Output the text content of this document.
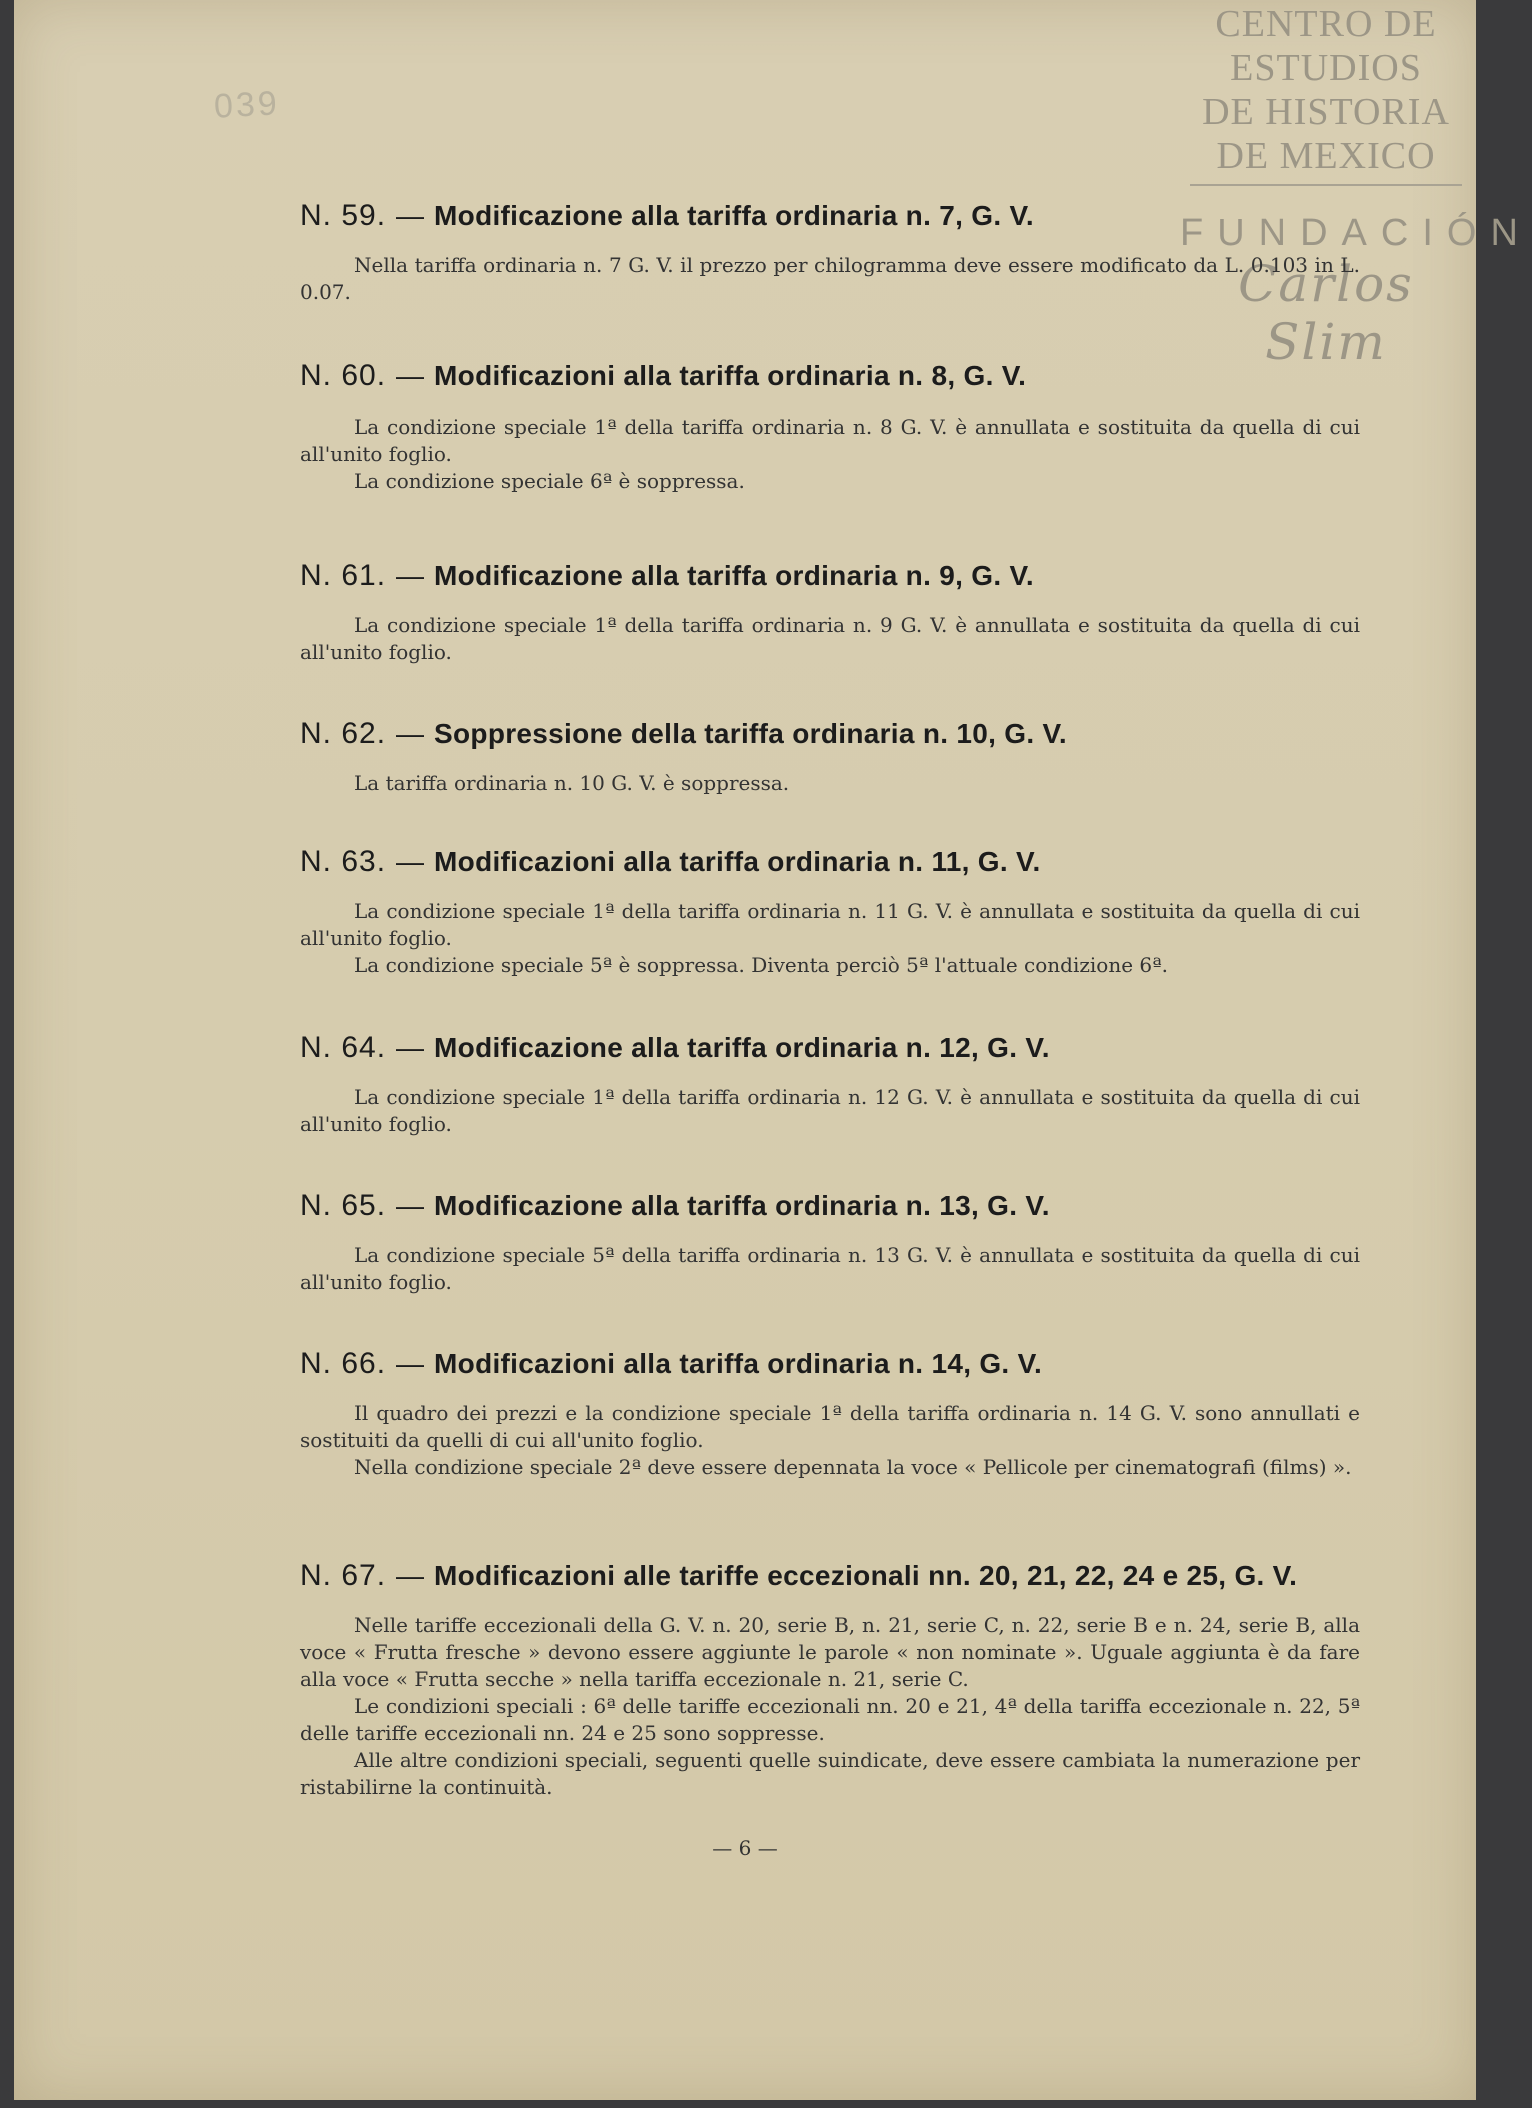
039
CENTRO DE
ESTUDIOS
DE HISTORIA
DE MEXICO
FUNDACIÓN
Carlos Slim
N. 59. — Modificazione alla tariffa ordinaria n. 7, G. V.

Nella tariffa ordinaria n. 7 G. V. il prezzo per chilogramma deve essere modificato da L. 0.103 in L. 0.07.

N. 60. — Modificazioni alla tariffa ordinaria n. 8, G. V.

La condizione speciale 1ª della tariffa ordinaria n. 8 G. V. è annullata e sostituita da quella di cui all'unito foglio.

La condizione speciale 6ª è soppressa.

N. 61. — Modificazione alla tariffa ordinaria n. 9, G. V.

La condizione speciale 1ª della tariffa ordinaria n. 9 G. V. è annullata e sostituita da quella di cui all'unito foglio.

N. 62. — Soppressione della tariffa ordinaria n. 10, G. V.

La tariffa ordinaria n. 10 G. V. è soppressa.

N. 63. — Modificazioni alla tariffa ordinaria n. 11, G. V.

La condizione speciale 1ª della tariffa ordinaria n. 11 G. V. è annullata e sostituita da quella di cui all'unito foglio.

La condizione speciale 5ª è soppressa. Diventa perciò 5ª l'attuale condizione 6ª.

N. 64. — Modificazione alla tariffa ordinaria n. 12, G. V.

La condizione speciale 1ª della tariffa ordinaria n. 12 G. V. è annullata e sostituita da quella di cui all'unito foglio.

N. 65. — Modificazione alla tariffa ordinaria n. 13, G. V.

La condizione speciale 5ª della tariffa ordinaria n. 13 G. V. è annullata e sostituita da quella di cui all'unito foglio.

N. 66. — Modificazioni alla tariffa ordinaria n. 14, G. V.

Il quadro dei prezzi e la condizione speciale 1ª della tariffa ordinaria n. 14 G. V. sono annullati e sostituiti da quelli di cui all'unito foglio.

Nella condizione speciale 2ª deve essere depennata la voce « Pellicole per cinematografi (films) ».

N. 67. — Modificazioni alle tariffe eccezionali nn. 20, 21, 22, 24 e 25, G. V.

Nelle tariffe eccezionali della G. V. n. 20, serie B, n. 21, serie C, n. 22, serie B e n. 24, serie B, alla voce « Frutta fresche » devono essere aggiunte le parole « non nominate ». Uguale aggiunta è da fare alla voce « Frutta secche » nella tariffa eccezionale n. 21, serie C.

Le condizioni speciali : 6ª delle tariffe eccezionali nn. 20 e 21, 4ª della tariffa eccezionale n. 22, 5ª delle tariffe eccezionali nn. 24 e 25 sono soppresse.

Alle altre condizioni speciali, seguenti quelle suindicate, deve essere cambiata la numerazione per ristabilirne la continuità.

— 6 —
